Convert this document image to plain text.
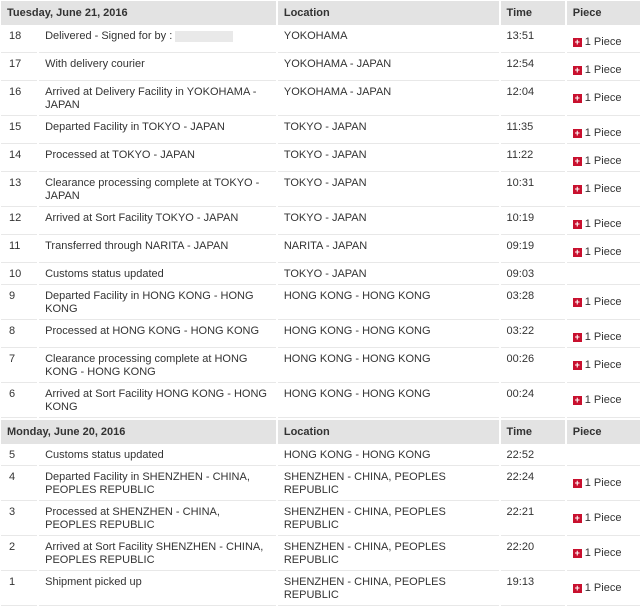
Tuesday, June 21, 2016		Location	Time	Piece
18	Delivered - Signed for by :	YOKOHAMA	13:51	+ 1 Piece

17	With delivery courier	YOKOHAMA - JAPAN	12:54	+ 1 Piece

16	Arrived at Delivery Facility in YOKOHAMA - JAPAN	YOKOHAMA - JAPAN	12:04	+ 1 Piece

15	Departed Facility in TOKYO - JAPAN	TOKYO - JAPAN	11:35	+ 1 Piece

14	Processed at TOKYO - JAPAN	TOKYO - JAPAN	11:22	+ 1 Piece

13	Clearance processing complete at TOKYO - JAPAN	TOKYO - JAPAN	10:31	+ 1 Piece

12	Arrived at Sort Facility TOKYO - JAPAN	TOKYO - JAPAN	10:19	+ 1 Piece

11	Transferred through NARITA - JAPAN	NARITA - JAPAN	09:19	+ 1 Piece

10	Customs status updated	TOKYO - JAPAN	09:03	
9	Departed Facility in HONG KONG - HONG KONG	HONG KONG - HONG KONG	03:28	+ 1 Piece

8	Processed at HONG KONG - HONG KONG	HONG KONG - HONG KONG	03:22	+ 1 Piece

7	Clearance processing complete at HONG KONG - HONG KONG	HONG KONG - HONG KONG	00:26	+ 1 Piece

6	Arrived at Sort Facility HONG KONG - HONG KONG	HONG KONG - HONG KONG	00:24	+ 1 Piece

Monday, June 20, 2016		Location	Time	Piece
5	Customs status updated	HONG KONG - HONG KONG	22:52	
4	Departed Facility in SHENZHEN - CHINA, PEOPLES REPUBLIC	SHENZHEN - CHINA, PEOPLES REPUBLIC	22:24	+ 1 Piece

3	Processed at SHENZHEN - CHINA, PEOPLES REPUBLIC	SHENZHEN - CHINA, PEOPLES REPUBLIC	22:21	+ 1 Piece

2	Arrived at Sort Facility SHENZHEN - CHINA, PEOPLES REPUBLIC	SHENZHEN - CHINA, PEOPLES REPUBLIC	22:20	+ 1 Piece

1	Shipment picked up	SHENZHEN - CHINA, PEOPLES REPUBLIC	19:13	+ 1 Piece
